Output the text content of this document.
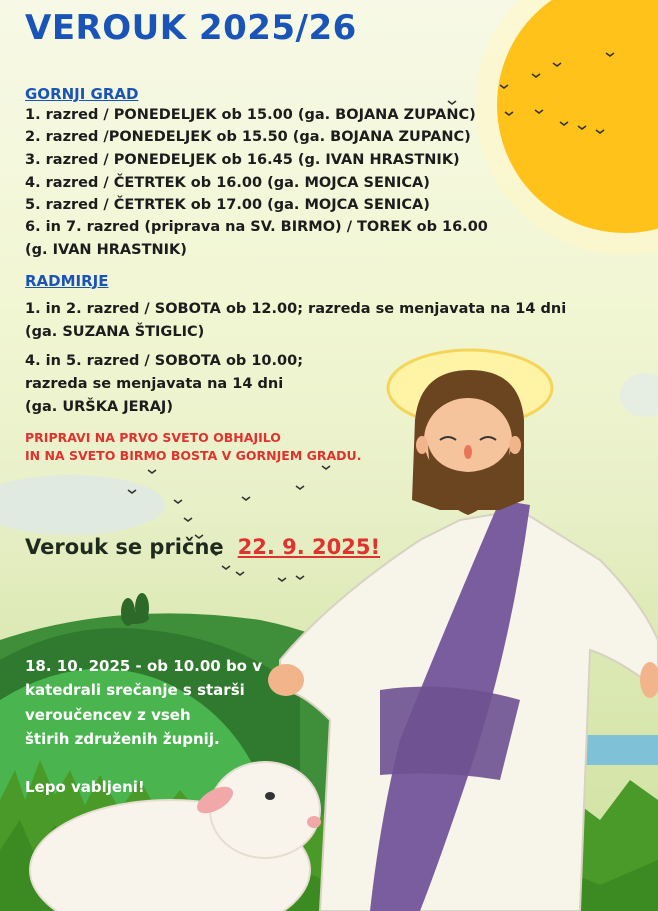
VEROUK 2025/26
GORNJI GRAD

1. razred / PONEDELJEK ob 15.00 (ga. BOJANA ZUPANC)

2. razred /PONEDELJEK ob 15.50 (ga. BOJANA ZUPANC)

3. razred / PONEDELJEK ob 16.45 (g. IVAN HRASTNIK)

4. razred / ČETRTEK ob 16.00 (ga. MOJCA SENICA)

5. razred / ČETRTEK ob 17.00 (ga. MOJCA SENICA)

6. in 7. razred (priprava na SV. BIRMO) / TOREK ob 16.00

(g. IVAN HRASTNIK)

RADMIRJE

1. in 2. razred / SOBOTA ob 12.00; razreda se menjavata na 14 dni

(ga. SUZANA ŠTIGLIC)

4. in 5. razred / SOBOTA ob 10.00;

razreda se menjavata na 14 dni

(ga. URŠKA JERAJ)

PRIPRAVI NA PRVO SVETO OBHAJILO

IN NA SVETO BIRMO BOSTA V GORNJEM GRADU.

Verouk se prične 22. 9. 2025!

18. 10. 2025 - ob 10.00 bo v

katedrali srečanje s starši

veroučencev z vseh

štirih združenih župnij.

Lepo vabljeni!
